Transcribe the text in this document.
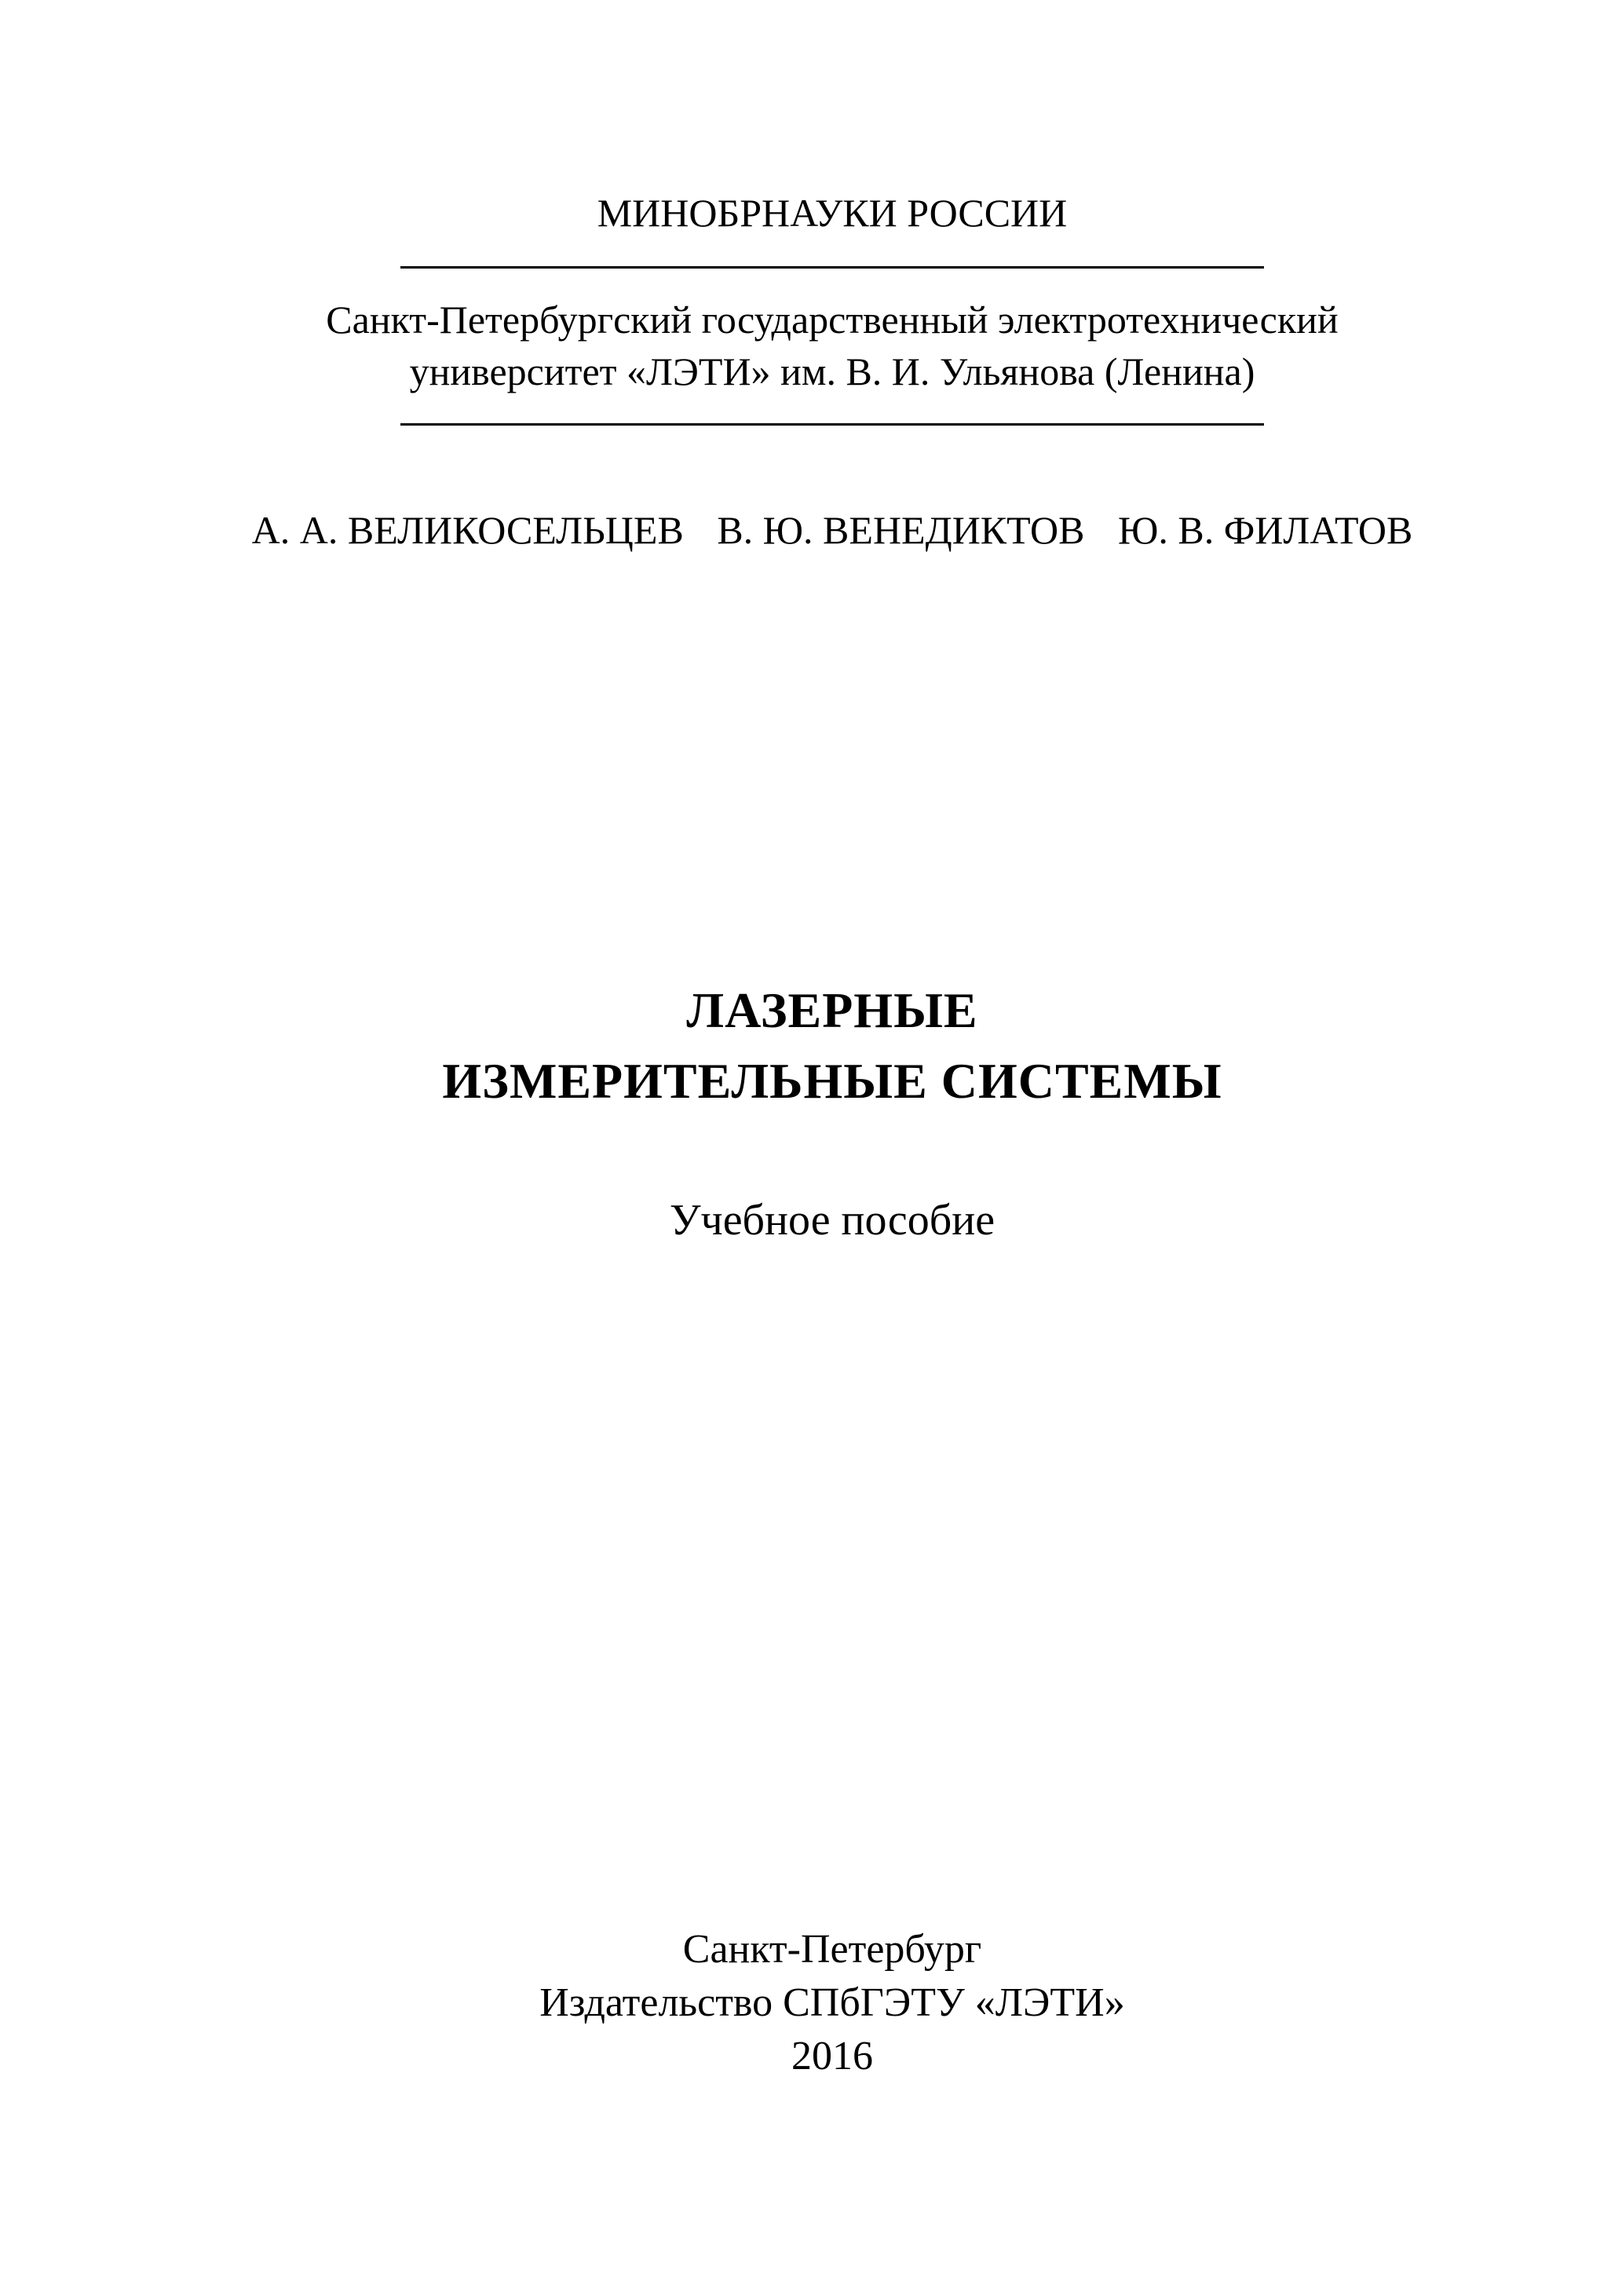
МИНОБРНАУКИ РОССИИ
Санкт-Петербургский государственный электротехнический
университет «ЛЭТИ» им. В. И. Ульянова (Ленина)
А. А. ВЕЛИКОСЕЛЬЦЕВ В. Ю. ВЕНЕДИКТОВ Ю. В. ФИЛАТОВ
ЛАЗЕРНЫЕ
ИЗМЕРИТЕЛЬНЫЕ СИСТЕМЫ
Учебное пособие
Санкт-Петербург
Издательство СПбГЭТУ «ЛЭТИ»
2016
